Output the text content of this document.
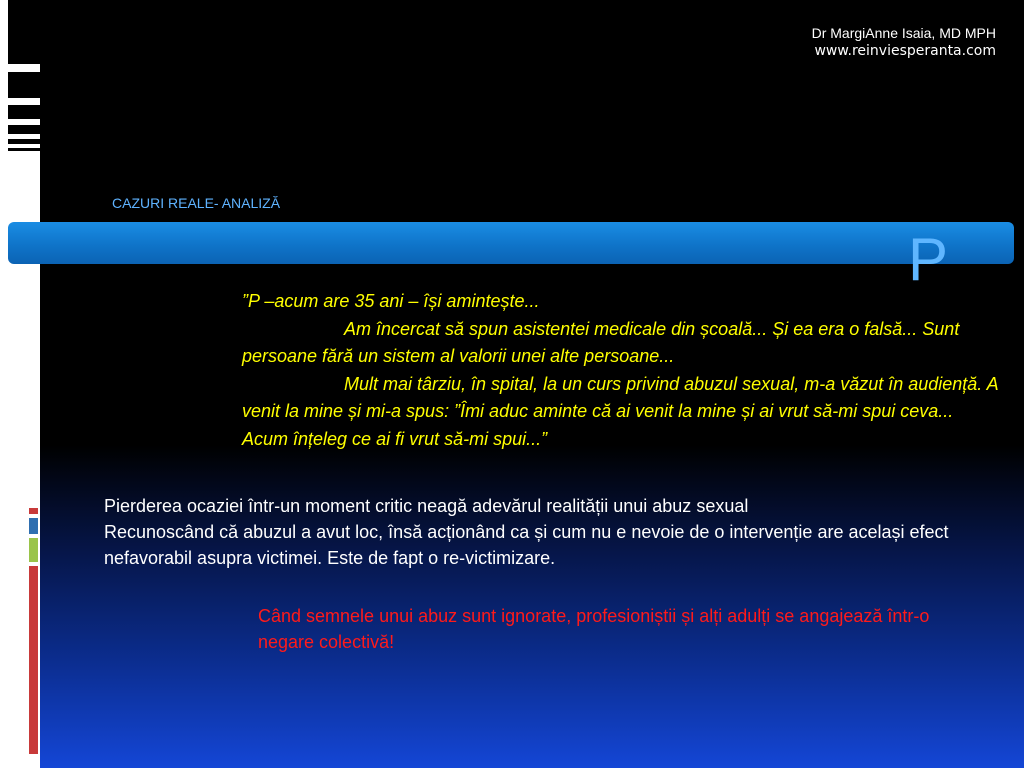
Dr MargiAnne Isaia, MD MPH
www.reinviesperanta.com
CAZURI REALE- ANALIZĂ
P

”P –acum are 35 ani – își amintește...

Am încercat să spun asistentei medicale din școală... Și ea era o falsă... Sunt persoane fără un sistem al valorii unei alte persoane...

Mult mai târziu, în spital, la un curs privind abuzul sexual, m-a văzut în audiență. A venit la mine și mi-a spus: ”Îmi aduc aminte că ai venit la mine și ai vrut să-mi spui ceva... Acum înțeleg ce ai fi vrut să-mi spui...”

Pierderea ocaziei într-un moment critic neagă adevărul realității unui abuz sexual

Recunoscând că abuzul a avut loc, însă acționând ca și cum nu e nevoie de o intervenție are același efect nefavorabil asupra victimei. Este de fapt o re-victimizare.

Când semnele unui abuz sunt ignorate, profesioniștii și alți adulți se angajează într-o negare colectivă!
